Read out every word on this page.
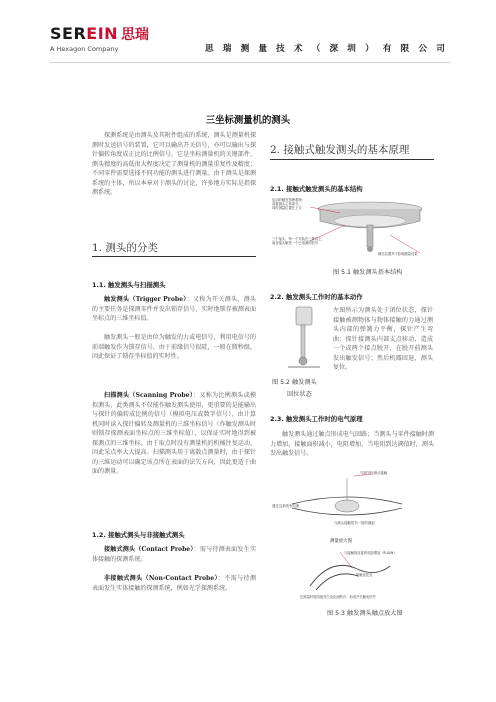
SEREIN 思瑞
A Hexagon Company	思 瑞 测 量 技 术 （ 深 圳 ） 有 限 公 司
三坐标测量机的测头
探测系统是由测头及其附件组成的系统，测头是测量机探测时发送信号的装置，它可以输出开关信号，亦可以输出与探针偏转角度成正比的比例信号，它是坐标测量机的关键部件，测头精度的高低很大程度决定了测量机的测量重复性及精度；不同零件需要选择不同功能的测头进行测量。由于测头是探测系统的主体，所以本章对于测头的讨论，许多地方实际是指探测系统。
1. 测头的分类
1.1. 触发测头与扫描测头
触发测头（Trigger Probe）：又称为开关测头，测头的主要任务是探测零件并发出锁存信号，实时地锁存被测表面坐标点的三维坐标值。
触发测头一般是由位为触发的力或电信号，利用电信号的前端触发作为锁存信号。由于前缘信号很陡，一般在微秒级，因此保证了锁存坐标值的实时性。
扫描测头（Scanning Probe）：又称为比例测头或模拟测头，此类测头不仅能作触发测头使用，更重要的是能输出与探针的偏转成比例的信号（模拟电压或数字信号），由计算机同时读入探针偏转及测量机的三维坐标信号（作触发测头时则锁存探测表面坐标点的三维坐标值），以保证实时地得到被探测点的三维坐标。由于取点时没有测量机的机械往复运动，因此采点率大大提高。扫描测头用于离散点测量时，由于探针的三维运动可以确定该点所在表面的法矢方向，因此更适于曲面的测量。
1.2. 接触式测头与非接触式测头
接触式测头（Contact Probe）：需与待测表面发生实体接触的探测系统。
非接触式测头（Non-Contact Probe）：不需与待测表面发生实体接触的探测系统，例如光学探测系统。
2. 接触式触发测头的基本原理
2.1. 接触式触发测头的基本结构
运动的触发管理系统：
前置测头主体部分，
同时测量位置在上方
三个接头，每一个安装在三维以上，
而各接头触发一个已电源的信号
静态位置并不影响测量结果
图 5.1 触发测头基本结构
2.2. 触发测头工作时的基本动作
左图所示为测头处于闭位状态，探针接触被测物体与物体接触的力通过测头内部的弹簧力平衡，探针产生弯曲；探针接测头内部支点移动，造成一个或两个接点脱开，在脱开前测头发出触发信号；然后机器回退，测头复位。
图 5.2 触发测头
回位状态
2.3. 触发测头工作时的电气原理
触发测头通过触点形成电气回路；当测头与零件接触时测力增加，接触面积减小，电阻增加，当电阻到达阈值时，测头发出触发信号。
与细节检测点接触
通过这条线有电流
与测头接触的另一组的测距
测量放大图
与接触线连接的电阻增加（R-0/W）
接触变化处
在测量时电阻值发生变化而断开，形成开关触发信号
图 5.3 触发测头触点放大图
